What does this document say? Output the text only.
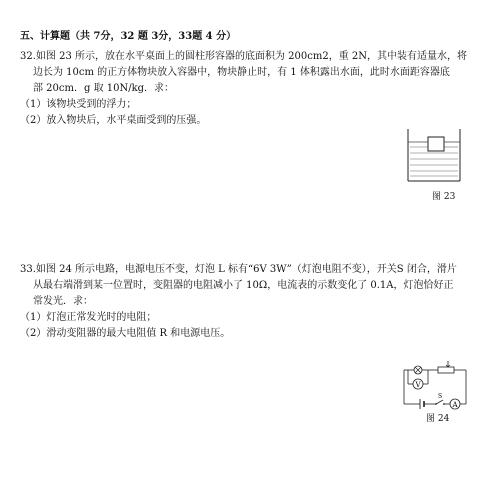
五、计算题（共 7分，32 题 3分，33题 4 分）
32.如图 23 所示，放在水平桌面上的圆柱形容器的底面积为 200cm2，重 2N，其中装有适量水，将
边长为 10cm 的正方体物块放入容器中，物块静止时，有 1 体积露出水面，此时水面距容器底
部 20cm．g 取 10N/kg．求：
（1）该物块受到的浮力；
（2）放入物块后，水平桌面受到的压强。
图 23
33.如图 24 所示电路，电源电压不变，灯泡 L 标有“6V 3W”（灯泡电阻不变），开关S 闭合，滑片
从最右端滑到某一位置时，变阻器的电阻减小了 10Ω，电流表的示数变化了 0.1A，灯泡恰好正
常发光．求：
（1）灯泡正常发光时的电阻；
（2）滑动变阻器的最大电阻值 R 和电源电压。
V
S
A
图 24
